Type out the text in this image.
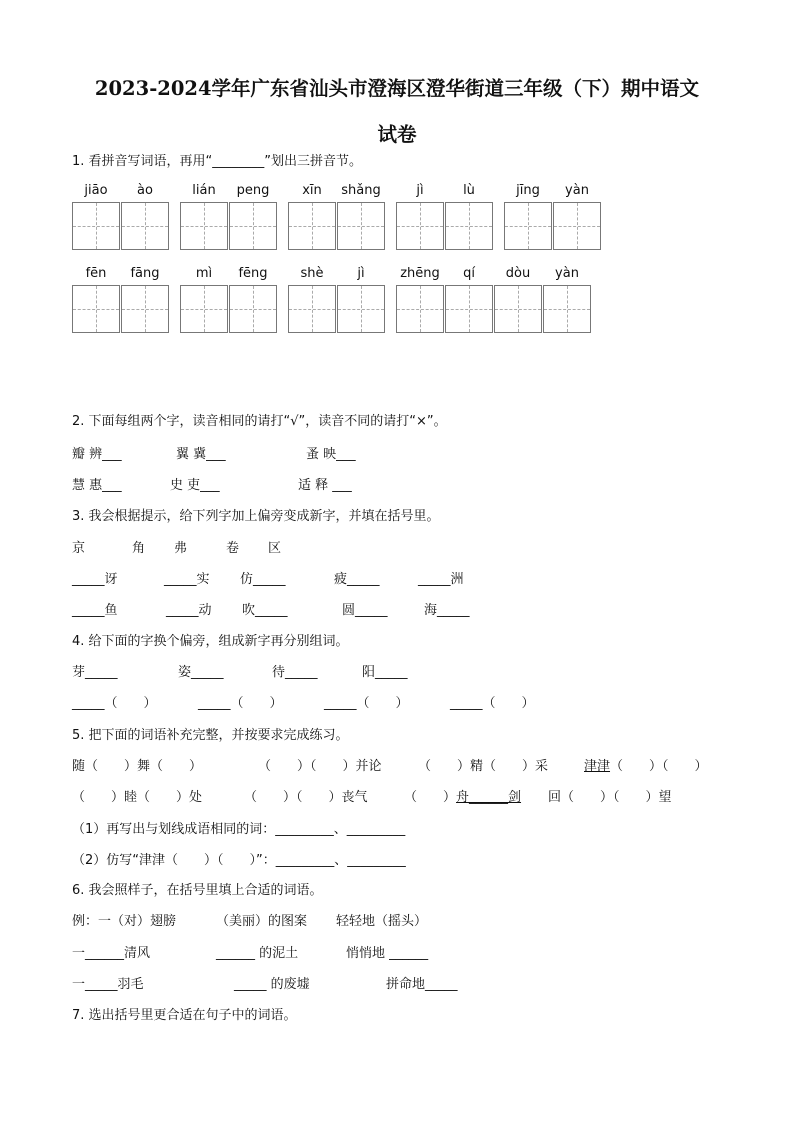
2023-2024学年广东省汕头市澄海区澄华街道三年级（下）期中语文
试卷
1. 看拼音写词语，再用“________”划出三拼音节。
jiāo	ào	lián	peng	xīn	shǎng	jì	lù	jīng	yàn
fēn	fāng	mì	fēng	shè	jì	zhēng	qí	dòu	yàn
2. 下面每组两个字，读音相同的请打“√”，读音不同的请打“×”。
瓣 辨___	翼 冀___	蚤 映___
慧 惠___	史 吏___	适 释 ___
3. 我会根据提示，给下列字加上偏旁变成新字，并填在括号里。
京	角 弗	卷 区
_____讶	_____实 仿_____	疲_____	_____洲
_____鱼	_____动 吹_____	圆_____	海_____
4. 给下面的字换个偏旁，组成新字再分别组词。
芽_____	姿_____	待_____	阳_____
_____（　　）	_____（　　）	_____（　　）	_____（　　）
5. 把下面的词语补充完整，并按要求完成练习。
随（　　）舞（　　）	（　　）（　　）并论	（　　）精（　　）采	津津（　　）（　　）
（　　）睦（　　）处	（　　）（　　）丧气	（　　）舟______剑 回（　　）（　　）望
（1）再写出与划线成语相同的词：_________、_________
（2）仿写“津津（　　）（　　）”：_________、_________
6. 我会照样子，在括号里填上合适的词语。
例：一（对）翅膀	（美丽）的图案 轻轻地（摇头）
一______清风	______ 的泥土	悄悄地 ______
一_____羽毛	_____ 的废墟	拼命地_____
7. 选出括号里更合适在句子中的词语。
